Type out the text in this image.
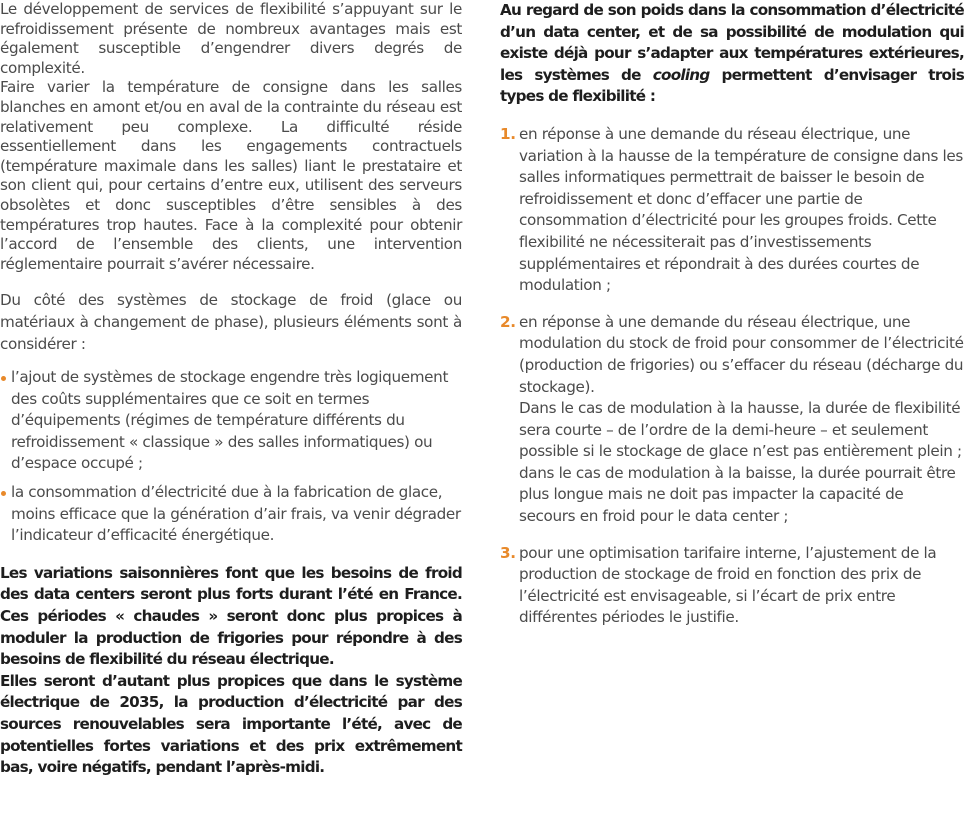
Le développement de services de flexibilité s’appuyant sur le refroidissement présente de nombreux avantages mais est également susceptible d’engendrer divers degrés de complexité.

Faire varier la température de consigne dans les salles blanches en amont et/ou en aval de la contrainte du réseau est relativement peu complexe. La difficulté réside essentiellement dans les engagements contractuels (température maximale dans les salles) liant le prestataire et son client qui, pour certains d’entre eux, utilisent des serveurs obsolètes et donc susceptibles d’être sensibles à des températures trop hautes. Face à la complexité pour obtenir l’accord de l’ensemble des clients, une intervention réglementaire pourrait s’avérer nécessaire.

Du côté des systèmes de stockage de froid (glace ou matériaux à changement de phase), plusieurs éléments sont à considérer :

l’ajout de systèmes de stockage engendre très logiquement des coûts supplémentaires que ce soit en termes d’équipements (régimes de température différents du refroidissement « classique » des salles informatiques) ou d’espace occupé ;
la consommation d’électricité due à la fabrication de glace, moins efficace que la génération d’air frais, va venir dégrader l’indicateur d’efficacité énergétique.

Les variations saisonnières font que les besoins de froid des data centers seront plus forts durant l’été en France. Ces périodes « chaudes » seront donc plus propices à moduler la production de frigories pour répondre à des besoins de flexibilité du réseau électrique.

Elles seront d’autant plus propices que dans le système électrique de 2035, la production d’électricité par des sources renouvelables sera importante l’été, avec de potentielles fortes variations et des prix extrêmement bas, voire négatifs, pendant l’après-midi.

Au regard de son poids dans la consommation d’électricité d’un data center, et de sa possibilité de modulation qui existe déjà pour s’adapter aux températures extérieures, les systèmes de cooling permettent d’envisager trois types de flexibilité :

1. en réponse à une demande du réseau électrique, une variation à la hausse de la température de consigne dans les salles informatiques permettrait de baisser le besoin de refroidissement et donc d’effacer une partie de consommation d’électricité pour les groupes froids. Cette flexibilité ne nécessiterait pas d’investissements supplémentaires et répondrait à des durées courtes de modulation ;
2. en réponse à une demande du réseau électrique, une modulation du stock de froid pour consommer de l’électricité (production de frigories) ou s’effacer du réseau (décharge du stockage).
Dans le cas de modulation à la hausse, la durée de flexibilité sera courte – de l’ordre de la demi-heure – et seulement possible si le stockage de glace n’est pas entièrement plein ; dans le cas de modulation à la baisse, la durée pourrait être plus longue mais ne doit pas impacter la capacité de secours en froid pour le data center ;
3. pour une optimisation tarifaire interne, l’ajustement de la production de stockage de froid en fonction des prix de l’électricité est envisageable, si l’écart de prix entre différentes périodes le justifie.
